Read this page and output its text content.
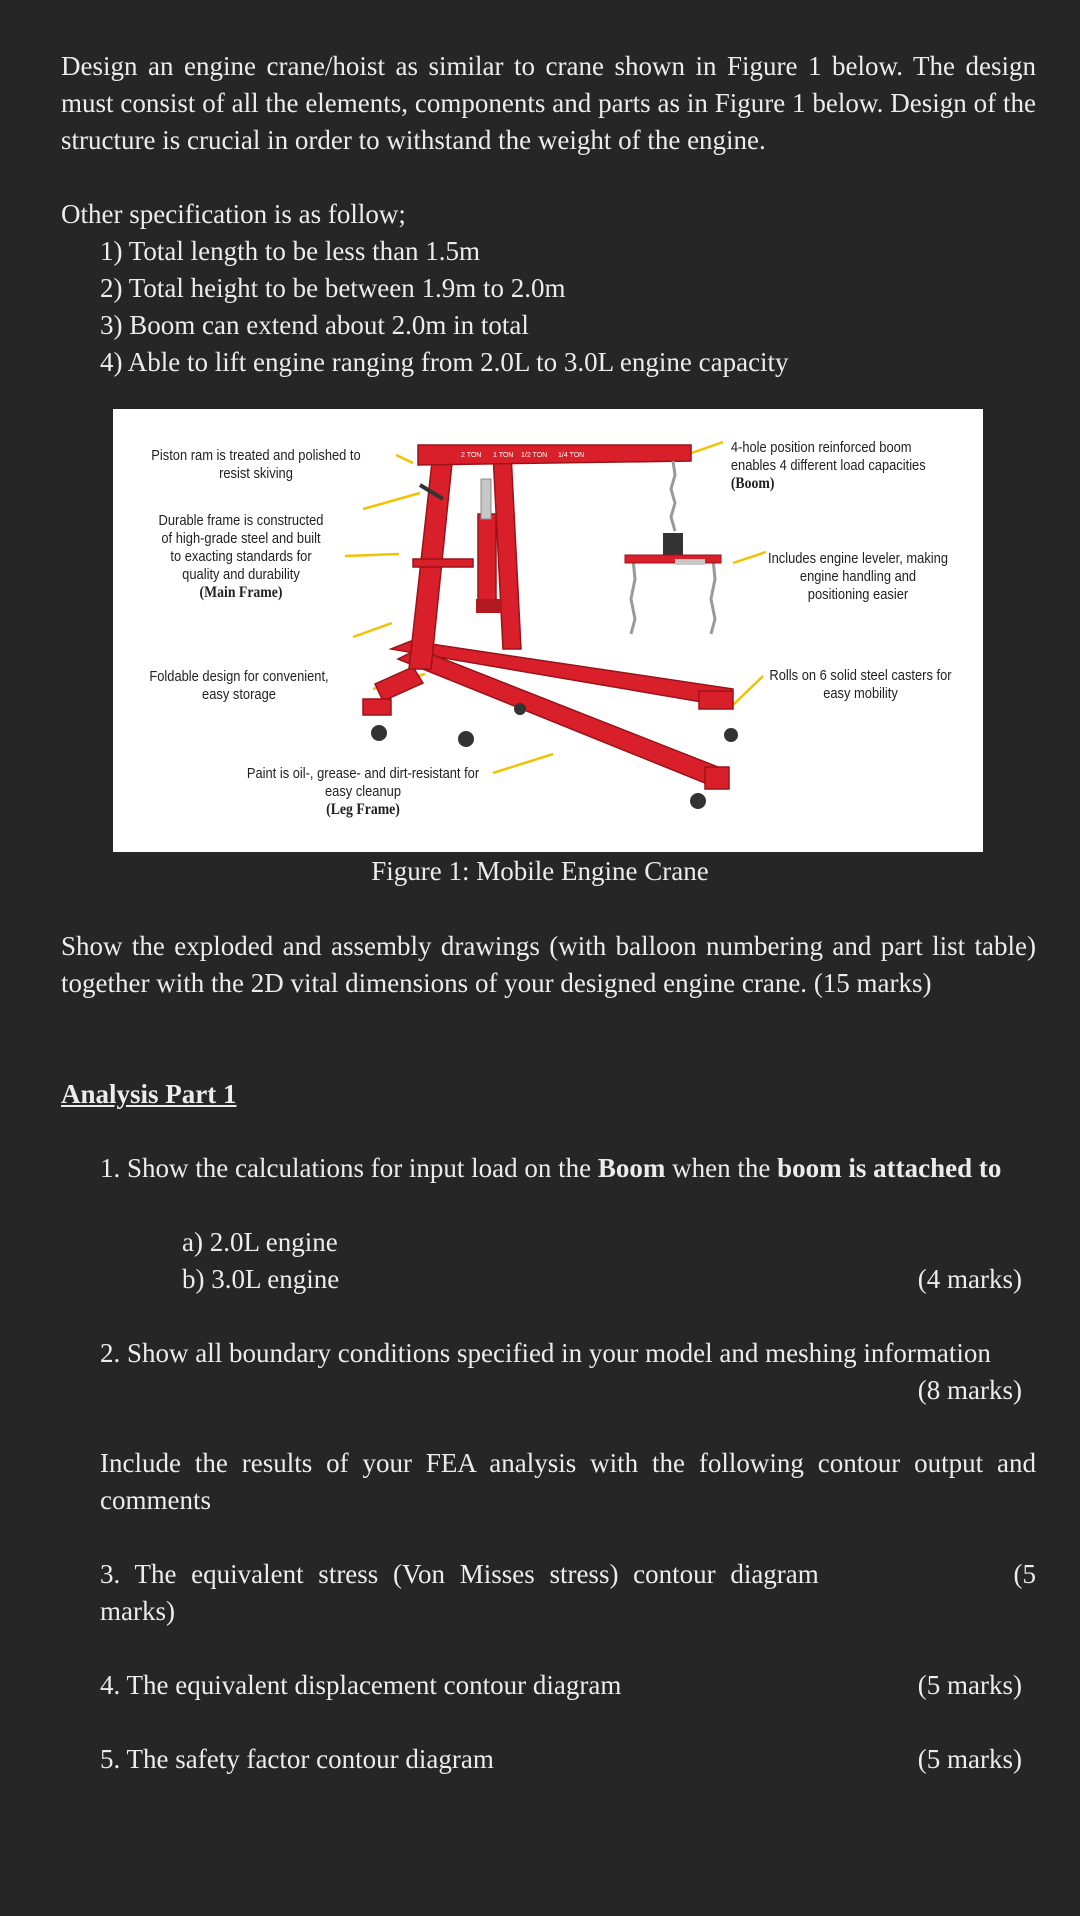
Design an engine crane/hoist as similar to crane shown in Figure 1 below. The design must consist of all the elements, components and parts as in Figure 1 below. Design of the structure is crucial in order to withstand the weight of the engine.

Other specification is as follow;

1) Total length to be less than 1.5m

2) Total height to be between 1.9m to 2.0m

3) Boom can extend about 2.0m in total

4) Able to lift engine ranging from 2.0L to 3.0L engine capacity

2 TON 1 TON 1/2 TON 1/4 TON
Piston ram is treated and polished to resist skiving
Durable frame is constructed of high-grade steel and built to exacting standards for quality and durability
(Main Frame)
Foldable design for convenient, easy storage
Paint is oil-, grease- and dirt-resistant for easy cleanup
(Leg Frame)
4-hole position reinforced boom enables 4 different load capacities
(Boom)
Includes engine leveler, making engine handling and positioning easier
Rolls on 6 solid steel casters for easy mobility
Figure 1: Mobile Engine Crane

Show the exploded and assembly drawings (with balloon numbering and part list table) together with the 2D vital dimensions of your designed engine crane. (15 marks)

Analysis Part 1

1. Show the calculations for input load on the Boom when the boom is attached to

a) 2.0L engine

b) 3.0L engine	(4 marks)

2. Show all boundary conditions specified in your model and meshing information

(8 marks)

Include the results of your FEA analysis with the following contour output and comments

3. The equivalent stress (Von Misses stress) contour diagram	(5 marks)

4. The equivalent displacement contour diagram	(5 marks)

5. The safety factor contour diagram	(5 marks)
